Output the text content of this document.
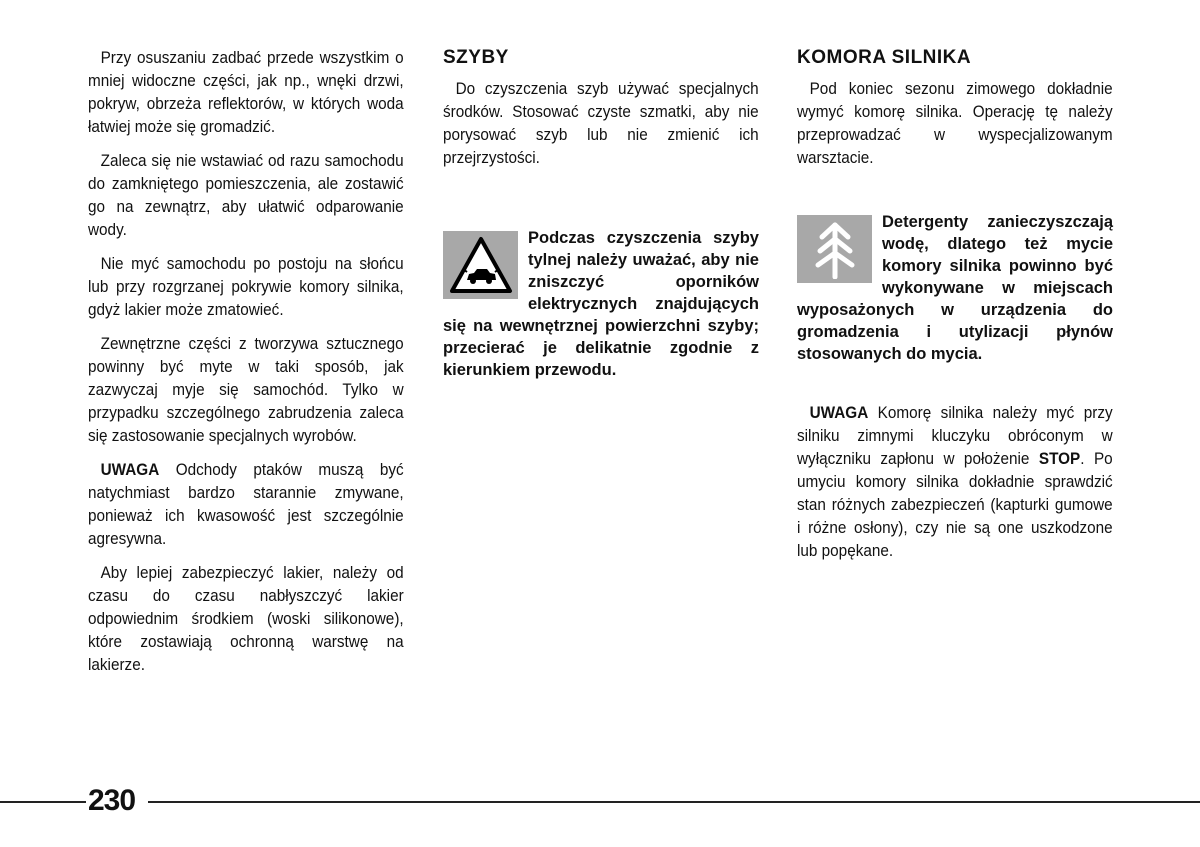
Przy osuszaniu zadbać przede wszystkim o mniej widoczne części, jak np., wnęki drzwi, pokryw, obrzeża reflektorów, w których woda łatwiej może się gromadzić.

Zaleca się nie wstawiać od razu samochodu do zamkniętego pomieszczenia, ale zostawić go na zewnątrz, aby ułatwić odparowanie wody.

Nie myć samochodu po postoju na słońcu lub przy rozgrzanej pokrywie komory silnika, gdyż lakier może zmatowieć.

Zewnętrzne części z tworzywa sztucznego powinny być myte w taki sposób, jak zazwyczaj myje się samochód. Tylko w przypadku szczególnego zabrudzenia zaleca się zastosowanie specjalnych wyrobów.

UWAGA Odchody ptaków muszą być natychmiast bardzo starannie zmywane, ponieważ ich kwasowość jest szczególnie agresywna.

Aby lepiej zabezpieczyć lakier, należy od czasu do czasu nabłyszczyć lakier odpowiednim środkiem (woski silikonowe), które zostawiają ochronną warstwę na lakierze.

SZYBY

Do czyszczenia szyb używać specjalnych środków. Stosować czyste szmatki, aby nie porysować szyb lub nie zmienić ich przejrzystości.

Podczas czyszczenia szyby tylnej należy uważać, aby nie zniszczyć oporników elektrycznych znajdujących się na wewnętrznej powierzchni szyby; przecierać je delikatnie zgodnie z kierunkiem przewodu.
KOMORA SILNIKA

Pod koniec sezonu zimowego dokładnie wymyć komorę silnika. Operację tę należy przeprowadzać w wyspecjalizowanym warsztacie.

Detergenty zanieczyszczają wodę, dlatego też mycie komory silnika powinno być wykonywane w miejscach wyposażonych w urządzenia do gromadzenia i utylizacji płynów stosowanych do mycia.

UWAGA Komorę silnika należy myć przy silniku zimnymi kluczyku obróconym w wyłączniku zapłonu w położenie STOP. Po umyciu komory silnika dokładnie sprawdzić stan różnych zabezpieczeń (kapturki gumowe i różne osłony), czy nie są one uszkodzone lub popękane.

230
